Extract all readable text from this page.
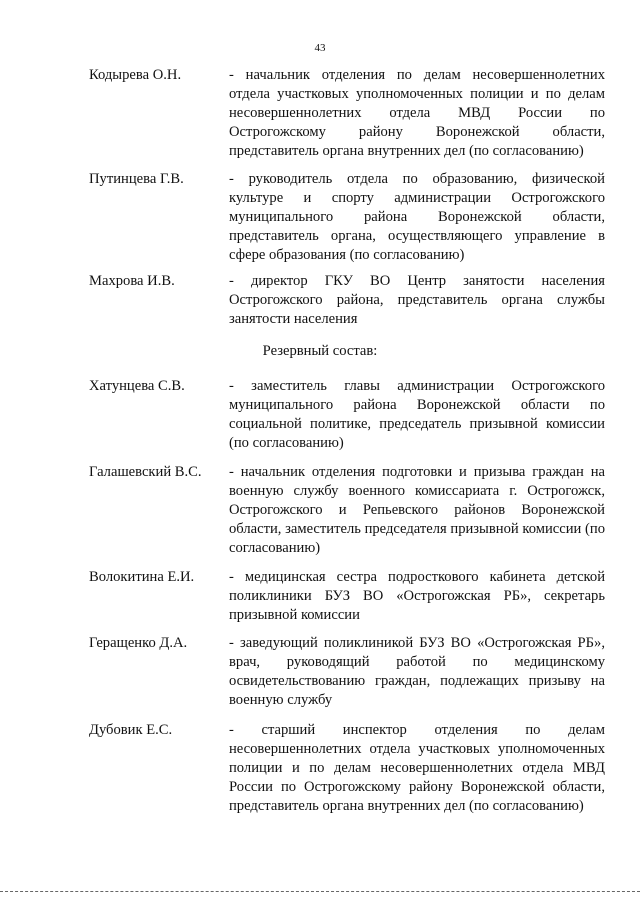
43
Кодырева О.Н.	- начальник отделения по делам несовершеннолетних отдела участковых уполномоченных полиции и по делам несовершеннолетних отдела МВД России по Острогожскому району Воронежской области, представитель органа внутренних дел (по согласованию)
Путинцева Г.В.	- руководитель отдела по образованию, физической культуре и спорту администрации Острогожского муниципального района Воронежской области, представитель органа, осуществляющего управление в сфере образования (по согласованию)
Махрова И.В.	- директор ГКУ ВО Центр занятости населения Острогожского района, представитель органа службы занятости населения
Резервный состав:
Хатунцева С.В.	- заместитель главы администрации Острогожского муниципального района Воронежской области по социальной политике, председатель призывной комиссии (по согласованию)
Галашевский В.С. - начальник отделения подготовки и призыва граждан на военную службу военного комиссариата г. Острогожск, Острогожского и Репьевского районов Воронежской области, заместитель председателя призывной комиссии (по согласованию)
Волокитина Е.И. - медицинская сестра подросткового кабинета детской поликлиники БУЗ ВО «Острогожская РБ», секретарь призывной комиссии
Геращенко Д.А.	- заведующий поликлиникой БУЗ ВО «Острогожская РБ», врач, руководящий работой по медицинскому освидетельствованию граждан, подлежащих призыву на военную службу
Дубовик Е.С.	- старший инспектор отделения по делам несовершеннолетних отдела участковых уполномоченных полиции и по делам несовершеннолетних отдела МВД России по Острогожскому району Воронежской области, представитель органа внутренних дел (по согласованию)
